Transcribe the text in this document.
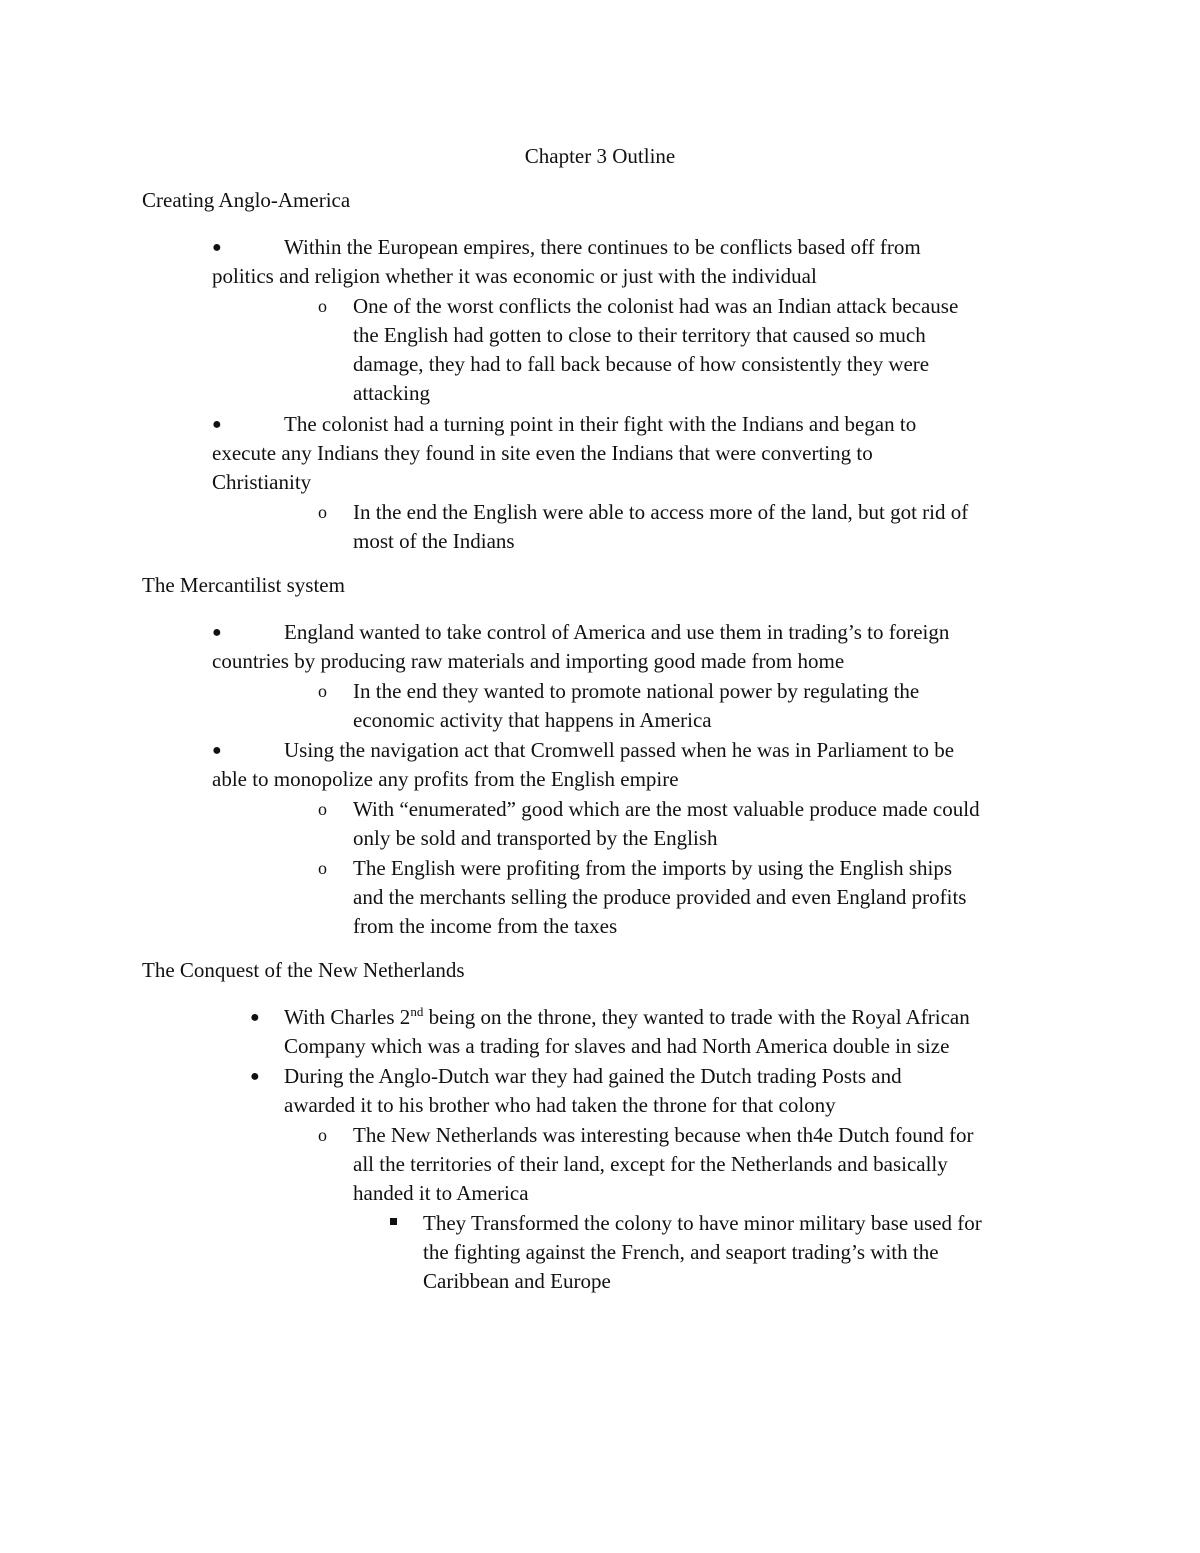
Chapter 3 Outline
Creating Anglo-America
●	Within the European empires, there continues to be conflicts based off from
politics and religion whether it was economic or just with the individual
o One of the worst conflicts the colonist had was an Indian attack because
the English had gotten to close to their territory that caused so much
damage, they had to fall back because of how consistently they were
attacking
●	The colonist had a turning point in their fight with the Indians and began to
execute any Indians they found in site even the Indians that were converting to
Christianity
o In the end the English were able to access more of the land, but got rid of
most of the Indians
The Mercantilist system
●	England wanted to take control of America and use them in trading’s to foreign
countries by producing raw materials and importing good made from home
o In the end they wanted to promote national power by regulating the
economic activity that happens in America
●	Using the navigation act that Cromwell passed when he was in Parliament to be
able to monopolize any profits from the English empire
o With “enumerated” good which are the most valuable produce made could
only be sold and transported by the English
o The English were profiting from the imports by using the English ships
and the merchants selling the produce provided and even England profits
from the income from the taxes
The Conquest of the New Netherlands
● With Charles 2nd being on the throne, they wanted to trade with the Royal African
Company which was a trading for slaves and had North America double in size
● During the Anglo-Dutch war they had gained the Dutch trading Posts and
awarded it to his brother who had taken the throne for that colony
o The New Netherlands was interesting because when th4e Dutch found for
all the territories of their land, except for the Netherlands and basically
handed it to America
They Transformed the colony to have minor military base used for
the fighting against the French, and seaport trading’s with the
Caribbean and Europe
